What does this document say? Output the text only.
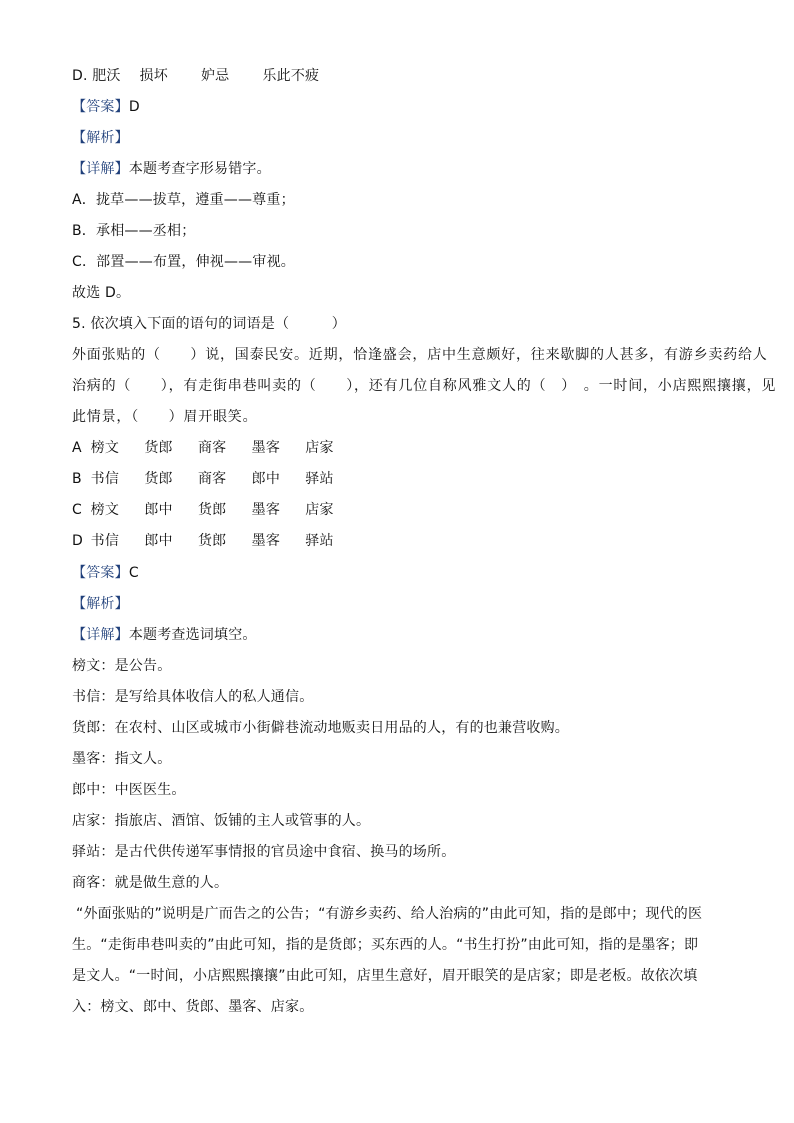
D. 肥沃　 损坏　　 妒忌　　 乐此不疲
【答案】D
【解析】
【详解】本题考查字形易错字。
A．拢草——拔草，遵重——尊重；
B．承相——丞相；
C．部置——布置，伸视——审视。
故选 D。
5. 依次填入下面的语句的词语是（　　　）
外面张贴的（　　）说，国泰民安。近期，恰逢盛会，店中生意颇好，往来歇脚的人甚多，有游乡卖药给人
治病的（　　），有走街串巷叫卖的（　　），还有几位自称风雅文人的（　）　。一时间，小店熙熙攘攘，见
此情景，（　　）眉开眼笑。
A 榜文 货郎 商客 墨客 店家
B 书信 货郎 商客 郎中 驿站
C 榜文 郎中 货郎 墨客 店家
D 书信 郎中 货郎 墨客 驿站
【答案】C
【解析】
【详解】本题考查选词填空。
榜文：是公告。
书信：是写给具体收信人的私人通信。
货郎：在农村、山区或城市小街僻巷流动地贩卖日用品的人，有的也兼营收购。
墨客：指文人。
郎中：中医医生。
店家：指旅店、酒馆、饭铺的主人或管事的人。
驿站：是古代供传递军事情报的官员途中食宿、换马的场所。
商客：就是做生意的人。
“外面张贴的”说明是广而告之的公告；“有游乡卖药、给人治病的”由此可知，指的是郎中；现代的医
生。“走街串巷叫卖的”由此可知，指的是货郎；买东西的人。“书生打扮”由此可知，指的是墨客；即
是文人。“一时间，小店熙熙攘攘”由此可知，店里生意好，眉开眼笑的是店家；即是老板。故依次填
入：榜文、郎中、货郎、墨客、店家。
